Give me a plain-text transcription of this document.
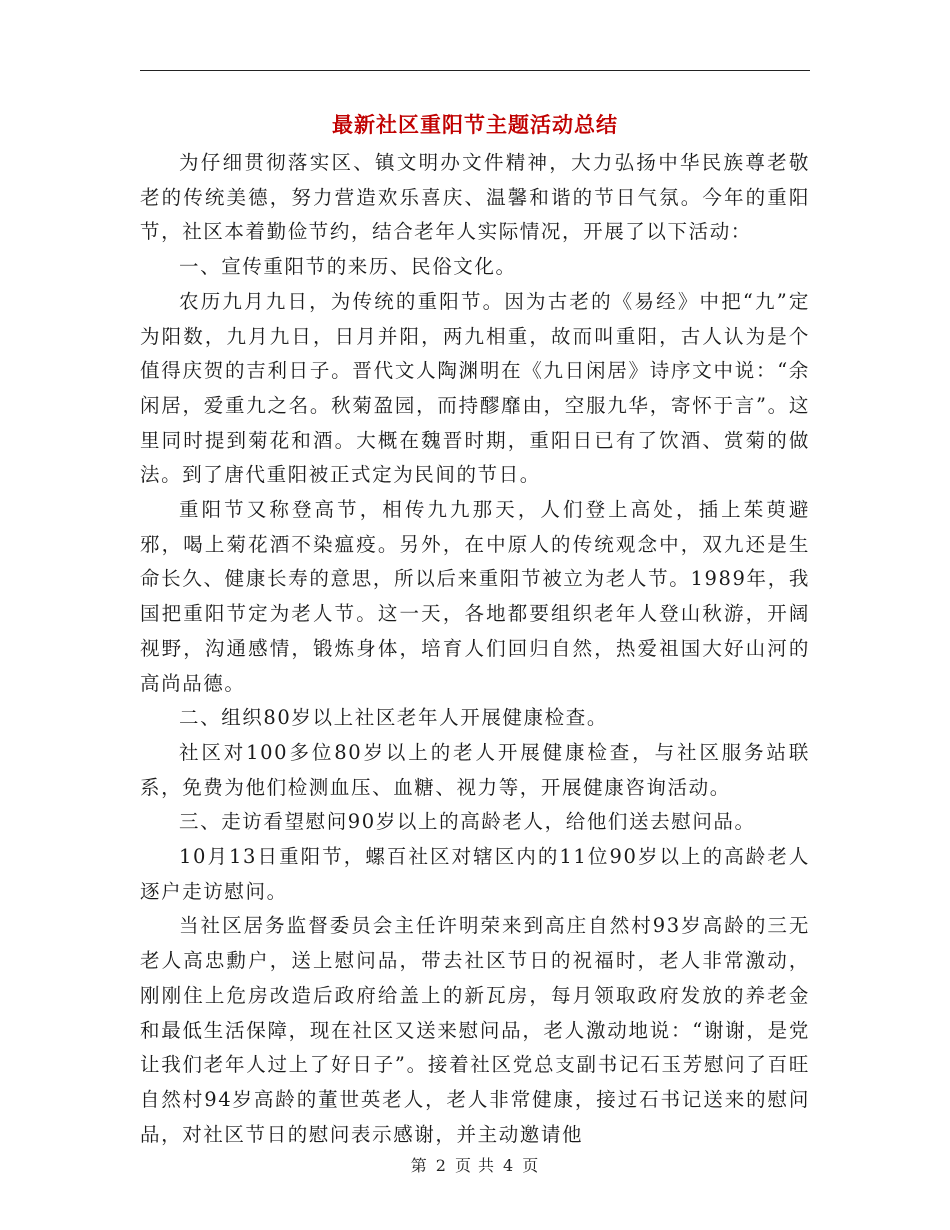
最新社区重阳节主题活动总结

为仔细贯彻落实区、镇文明办文件精神，大力弘扬中华民族尊老敬老的传统美德，努力营造欢乐喜庆、温馨和谐的节日气氛。今年的重阳节，社区本着勤俭节约，结合老年人实际情况，开展了以下活动：

一、宣传重阳节的来历、民俗文化。

农历九月九日，为传统的重阳节。因为古老的《易经》中把“九”定为阳数，九月九日，日月并阳，两九相重，故而叫重阳，古人认为是个值得庆贺的吉利日子。晋代文人陶渊明在《九日闲居》诗序文中说：“余闲居，爱重九之名。秋菊盈园，而持醪靡由，空服九华，寄怀于言”。这里同时提到菊花和酒。大概在魏晋时期，重阳日已有了饮酒、赏菊的做法。到了唐代重阳被正式定为民间的节日。

重阳节又称登高节，相传九九那天，人们登上高处，插上茱萸避邪，喝上菊花酒不染瘟疫。另外，在中原人的传统观念中，双九还是生命长久、健康长寿的意思，所以后来重阳节被立为老人节。1989年，我国把重阳节定为老人节。这一天，各地都要组织老年人登山秋游，开阔视野，沟通感情，锻炼身体，培育人们回归自然，热爱祖国大好山河的高尚品德。

二、组织80岁以上社区老年人开展健康检查。

社区对100多位80岁以上的老人开展健康检查，与社区服务站联系，免费为他们检测血压、血糖、视力等，开展健康咨询活动。

三、走访看望慰问90岁以上的高龄老人，给他们送去慰问品。

10月13日重阳节，螺百社区对辖区内的11位90岁以上的高龄老人逐户走访慰问。

当社区居务监督委员会主任许明荣来到高庄自然村93岁高龄的三无老人高忠勳户，送上慰问品，带去社区节日的祝福时，老人非常激动，刚刚住上危房改造后政府给盖上的新瓦房，每月领取政府发放的养老金和最低生活保障，现在社区又送来慰问品，老人激动地说：“谢谢，是党让我们老年人过上了好日子”。接着社区党总支副书记石玉芳慰问了百旺自然村94岁高龄的董世英老人，老人非常健康，接过石书记送来的慰问品，对社区节日的慰问表示感谢，并主动邀请他

第 2 页 共 4 页
